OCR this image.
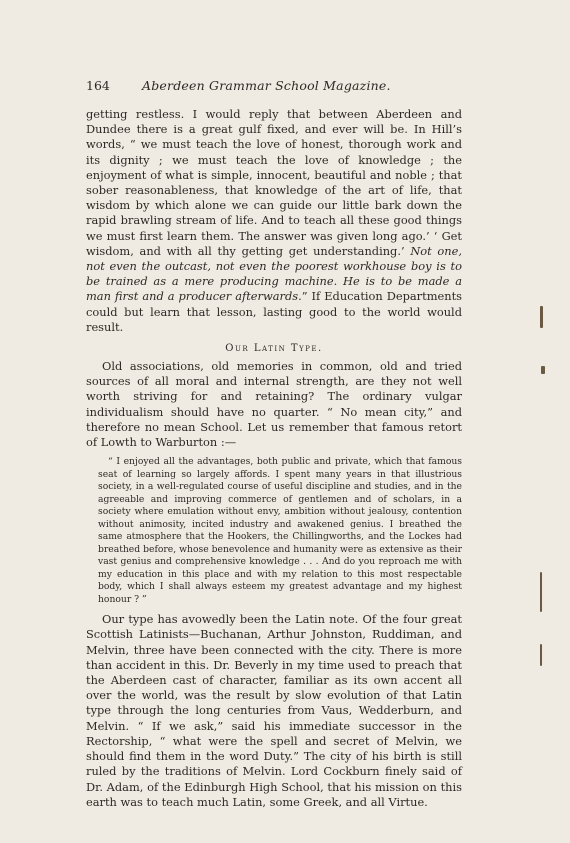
164	Aberdeen Grammar School Magazine.

getting restless. I would reply that between Aberdeen and Dundee there is a great gulf fixed, and ever will be. In Hill’s words, “ we must teach the love of honest, thorough work and its dignity ; we must teach the love of knowledge ; the enjoyment of what is simple, innocent, beautiful and noble ; that sober reasonableness, that knowledge of the art of life, that wisdom by which alone we can guide our little bark down the rapid brawling stream of life. And to teach all these good things we must first learn them. The answer was given long ago.’ ‘ Get wisdom, and with all thy getting get understanding.’ Not one, not even the outcast, not even the poorest workhouse boy is to be trained as a mere producing machine. He is to be made a man first and a producer afterwards.” If Education Departments could but learn that lesson, lasting good to the world would result.

Our Latin Type.

Old associations, old memories in common, old and tried sources of all moral and internal strength, are they not well worth striving for and retaining? The ordinary vulgar individualism should have no quarter. “ No mean city,” and therefore no mean School. Let us remember that famous retort of Lowth to Warburton :—

“ I enjoyed all the advantages, both public and private, which that famous seat of learning so largely affords. I spent many years in that illustrious society, in a well-regulated course of useful discipline and studies, and in the agreeable and improving commerce of gentlemen and of scholars, in a society where emulation without envy, ambition without jealousy, contention without animosity, incited industry and awakened genius. I breathed the same atmosphere that the Hookers, the Chillingworths, and the Lockes had breathed before, whose benevolence and humanity were as extensive as their vast genius and comprehensive knowledge . . . And do you reproach me with my education in this place and with my relation to this most respectable body, which I shall always esteem my greatest advantage and my highest honour ? ”

Our type has avowedly been the Latin note. Of the four great Scottish Latinists—Buchanan, Arthur Johnston, Ruddiman, and Melvin, three have been connected with the city. There is more than accident in this. Dr. Beverly in my time used to preach that the Aberdeen cast of character, familiar as its own accent all over the world, was the result by slow evolution of that Latin type through the long centuries from Vaus, Wedderburn, and Melvin. “ If we ask,” said his immediate successor in the Rectorship, “ what were the spell and secret of Melvin, we should find them in the word Duty.” The city of his birth is still ruled by the traditions of Melvin. Lord Cockburn finely said of Dr. Adam, of the Edinburgh High School, that his mission on this earth was to teach much Latin, some Greek, and all Virtue.
